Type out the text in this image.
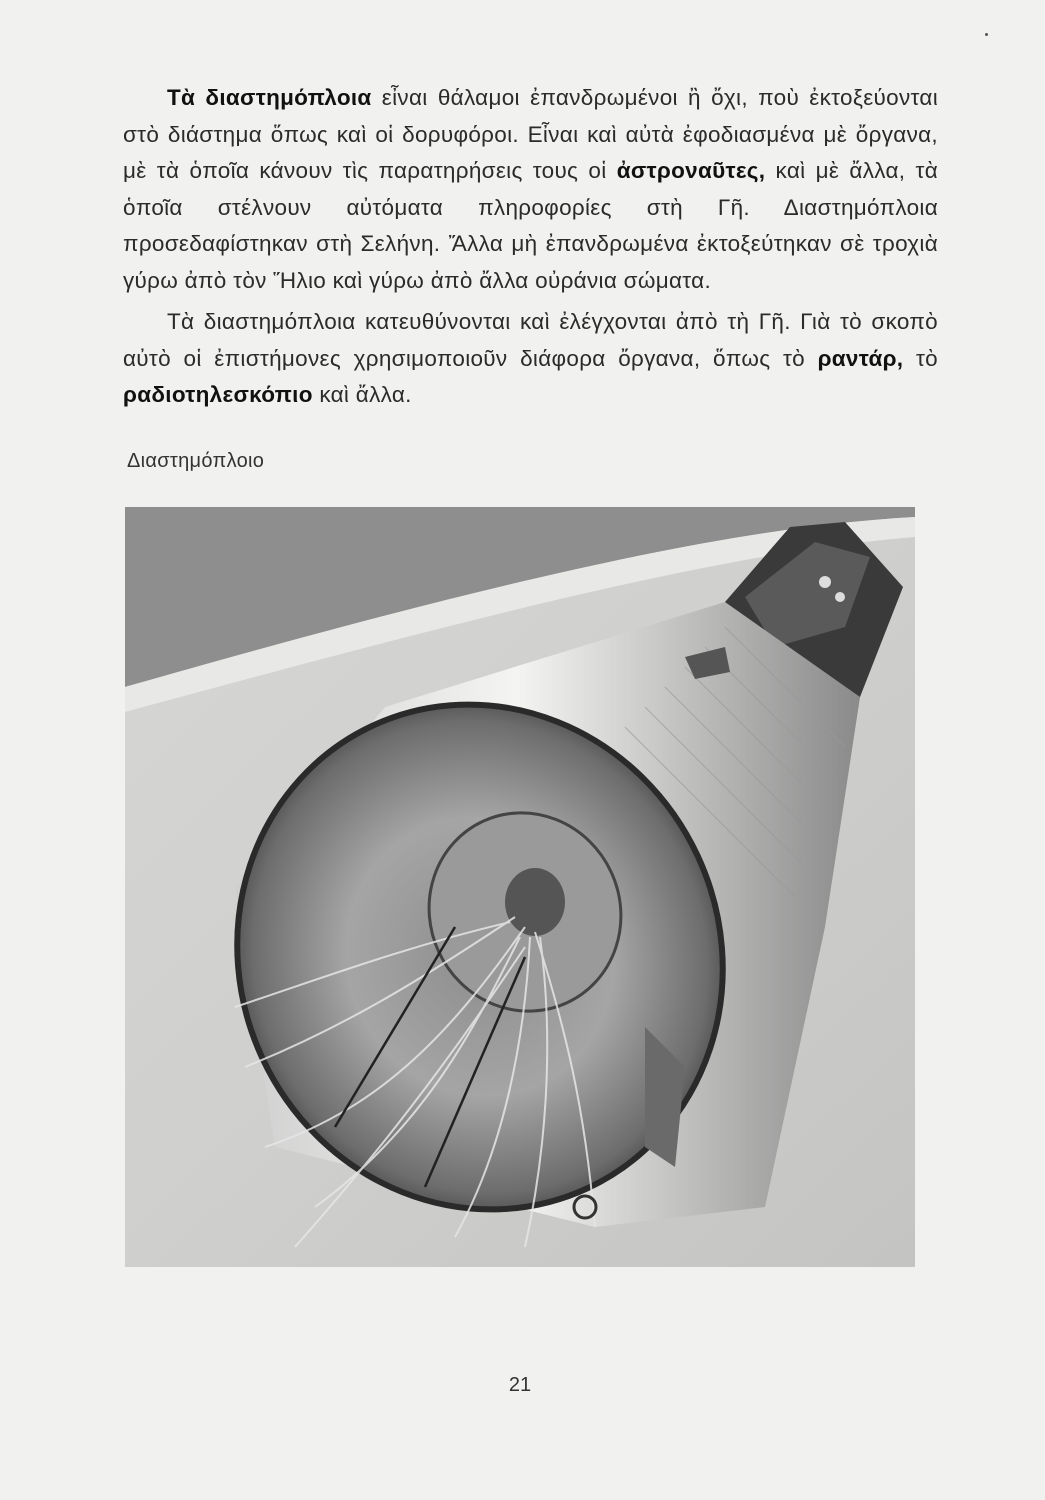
Τὰ διαστημόπλοια εἶναι θάλαμοι ἐπανδρωμένοι ἢ ὄχι, ποὺ ἐκτοξεύονται στὸ διάστημα ὅπως καὶ οἱ δορυφόροι. Εἶναι καὶ αὐτὰ ἐφοδιασμένα μὲ ὄργανα, μὲ τὰ ὁποῖα κάνουν τὶς παρατηρήσεις τους οἱ ἀστροναῦτες, καὶ μὲ ἄλλα, τὰ ὁποῖα στέλνουν αὐτόματα πληροφορίες στὴ Γῆ. Διαστημόπλοια προσεδαφίστηκαν στὴ Σελήνη. Ἄλλα μὴ ἐπανδρωμένα ἐκτοξεύτηκαν σὲ τροχιὰ γύρω ἀπὸ τὸν Ἥλιο καὶ γύρω ἀπὸ ἄλλα οὐράνια σώματα.

Τὰ διαστημόπλοια κατευθύνονται καὶ ἐλέγχονται ἀπὸ τὴ Γῆ. Γιὰ τὸ σκοπὸ αὐτὸ οἱ ἐπιστήμονες χρησιμοποιοῦν διάφορα ὄργανα, ὅπως τὸ ραντάρ, τὸ ραδιοτηλεσκόπιο καὶ ἄλλα.

Διαστημόπλοιο
21
